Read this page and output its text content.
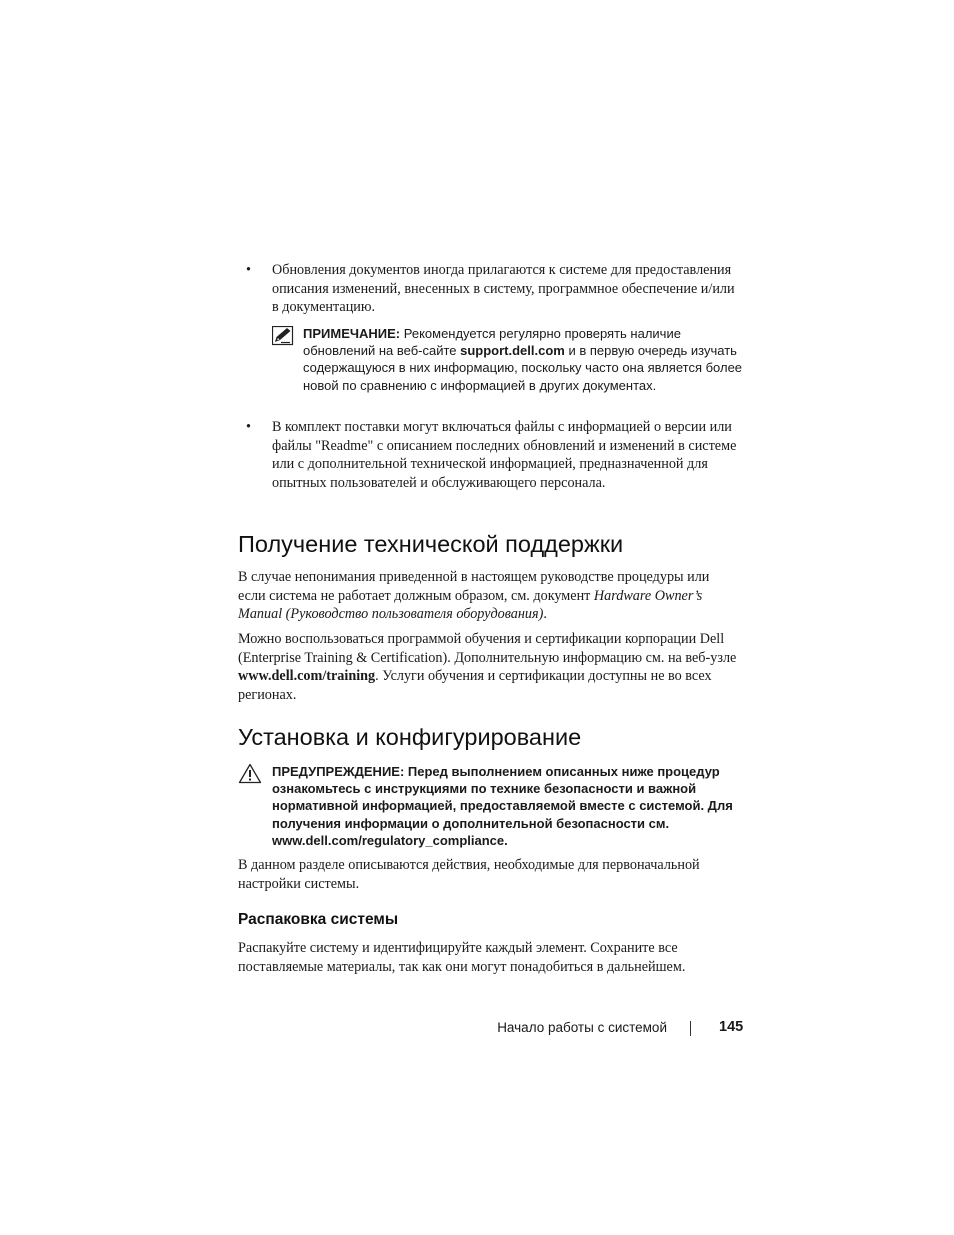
• Обновления документов иногда прилагаются к системе для предоставления описания изменений, внесенных в систему, программное обеспечение и/или в документацию.
ПРИМЕЧАНИЕ: Рекомендуется регулярно проверять наличие обновлений на веб-сайте support.dell.com и в первую очередь изучать содержащуюся в них информацию, поскольку часто она является более новой по сравнению с информацией в других документах.
• В комплект поставки могут включаться файлы с информацией о версии или файлы "Readme" с описанием последних обновлений и изменений в системе или с дополнительной технической информацией, предназначенной для опытных пользователей и обслуживающего персонала.
Получение технической поддержки
В случае непонимания приведенной в настоящем руководстве процедуры или если система не работает должным образом, см. документ Hardware Owner’s Manual (Руководство пользователя оборудования).
Можно воспользоваться программой обучения и сертификации корпорации Dell (Enterprise Training & Certification). Дополнительную информацию см. на веб-узле www.dell.com/training. Услуги обучения и сертификации доступны не во всех регионах.
Установка и конфигурирование
ПРЕДУПРЕЖДЕНИЕ: Перед выполнением описанных ниже процедур ознакомьтесь с инструкциями по технике безопасности и важной нормативной информацией, предоставляемой вместе с системой. Для получения информации о дополнительной безопасности см. www.dell.com/regulatory_compliance.
В данном разделе описываются действия, необходимые для первоначальной настройки системы.
Распаковка системы
Распакуйте систему и идентифицируйте каждый элемент. Сохраните все поставляемые материалы, так как они могут понадобиться в дальнейшем.
Начало работы с системой	145
